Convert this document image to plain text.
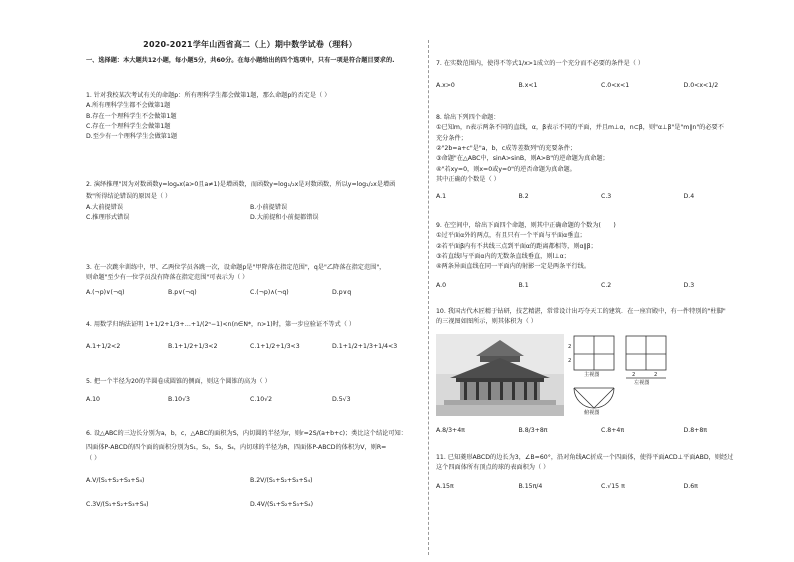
2020-2021学年山西省高二（上）期中数学试卷（理科）
一、选择题：本大题共12小题，每小题5分，共60分。在每小题给出的四个选项中，只有一项是符合题目要求的.
1. 针对我校某次考试有关的命题p：所有理科学生都会做第1题，那么命题p的否定是（ ）
A.所有理科学生都不会做第1题
B.存在一个理科学生不会做第1题
C.存在一个理科学生会做第1题
D.至少有一个理科学生会做第1题
2. 演绎推理"因为对数函数y=logₐx(a>0且a≠1)是增函数，而函数y=log₁/₂x是对数函数，所以y=log₁/₂x是增函
数"所得结论错误的原因是（ ）
A.大前提错误	B.小前提错误
C.推理形式错误	D.大前提和小前提都错误
3. 在一次跳伞训练中，甲、乙两位学员各跳一次，设命题p是"甲降落在指定范围"，q是"乙降落在指定范围"，
则命题"至少有一位学员没有降落在指定范围"可表示为（ ）
A.(¬p)∨(¬q)	B.p∨(¬q)	C.(¬p)∧(¬q)	D.p∨q
4. 用数学归纳法证明 1+1/2+1/3+…+1/(2ⁿ−1)<n(n∈N*，n>1)时，第一步应验证不等式（ ）
A.1+1/2<2	B.1+1/2+1/3<2	C.1+1/2+1/3<3	D.1+1/2+1/3+1/4<3
5. 把一个半径为20的半圆卷成圆锥的侧面，则这个圆锥的高为（ ）
A.10	B.10√3	C.10√2	D.5√3
6. 设△ABC的三边长分别为a，b，c，△ABC的面积为S，内切圆的半径为r，则r=2S/(a+b+c)；类比这个结论可知：
四面体P-ABCD的四个面的面积分别为S₁，S₂，S₃，S₄，内切球的半径为R，四面体P-ABCD的体积为V，则R=
（ ）
A.V/(S₁+S₂+S₃+S₄)	B.2V/(S₁+S₂+S₃+S₄)
C.3V/(S₁+S₂+S₃+S₄)	D.4V/(S₁+S₂+S₃+S₄)
7. 在实数范围内，使得不等式1/x>1成立的一个充分而不必要的条件是（ ）
A.x>0	B.x<1	C.0<x<1	D.0<x<1/2
8. 给出下列四个命题：
①已知m，n表示两条不同的直线，α，β表示不同的平面，并且m⊥α，n⊂β，则"α⊥β"是"m∥n"的必要不
充分条件；
②"2b=a+c"是"a，b，c成等差数列"的充要条件；
③命题"在△ABC中，sinA>sinB，则A>B"的逆命题为真命题；
④"若xy=0，则x=0或y=0"的逆否命题为真命题。
其中正确的个数是（ ）
A.1	B.2	C.3	D.4
9. 在空间中，给出下面四个命题，则其中正确命题的个数为(　　)
①过平面α外的两点，有且只有一个平面与平面α垂直；
②若平面β内有不共线三点到平面α的距离都相等，则α∥β；
③若直线l与平面α内的无数条直线垂直，则l⊥α；
④两条异面直线在同一平面内的射影一定是两条平行线。
A.0	B.1	C.2	D.3
10. 我国古代木匠精于钻研，技艺精湛，常常设计出巧夺天工的建筑．在一座宫殿中，有一件特别的"柱脚"
的三视图如图所示，则其体积为（ ）
2
2
2	2
主视图
左视图
俯视图
A.8/3+4π	B.8/3+8π	C.8+4π	D.8+8π
11. 已知菱形ABCD的边长为3，∠B=60°，沿对角线AC折成一个四面体，使得平面ACD⊥平面ABD，则经过
这个四面体所有顶点的球的表面积为（ ）
A.15π	B.15π/4	C.√15 π	D.6π
